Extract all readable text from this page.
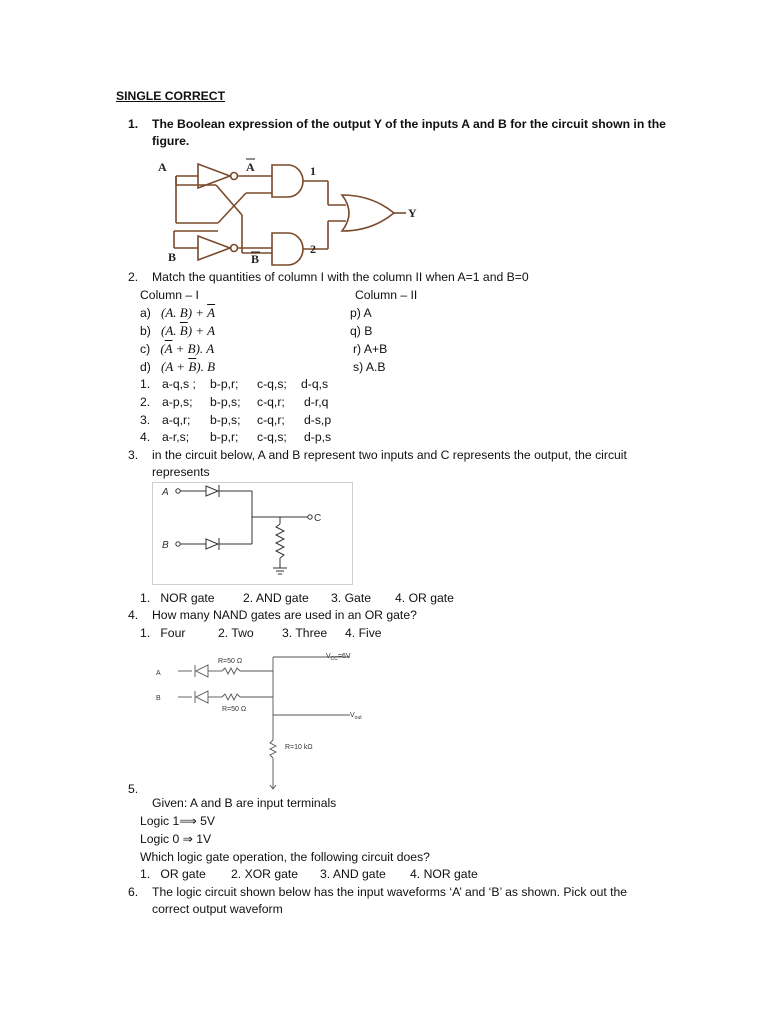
SINGLE CORRECT
1. The Boolean expression of the output Y of the inputs A and B for the circuit shown in the
figure.
A
B
A
B
1
2
Y
2. Match the quantities of column I with the column II when A=1 and B=0
Column – I	Column – II
a) (A. $B) + \overline{A}$
b) (A. $\overline{B}) + A$
c) $(\overline{A} + B)$. A
d) $(A + \overline{B})$. B
p) A
q) B
r) A+B
s) A.B
1. a-q,s ; b-p,r; c-q,s; d-q,s
2. a-p,s; b-p,s; c-q,r; d-r,q
3. a-q,r; b-p,s; c-q,r; d-s,p
4. a-r,s; b-p,r; c-q,s; d-p,s
3. in the circuit below, A and B represent two inputs and C represents the output, the circuit
represents
A
B
C
1. NOR gate 2. AND gate 3. Gate 4. OR gate
4. How many NAND gates are used in an OR gate?
1. Four	2. Two 3. Three 4. Five
A
B
R=50 Ω
R=50 Ω
R=10 kΩ
$V_{CC}=6V$
$V_{out}$
5.
Given: A and B are input terminals
Logic 1⟹ 5V
Logic 0 ⇒ 1V
Which logic gate operation, the following circuit does?
1. OR gate 2. XOR gate 3. AND gate 4. NOR gate
6. The logic circuit shown below has the input waveforms ‘A’ and ‘B’ as shown. Pick out the
correct output waveform
